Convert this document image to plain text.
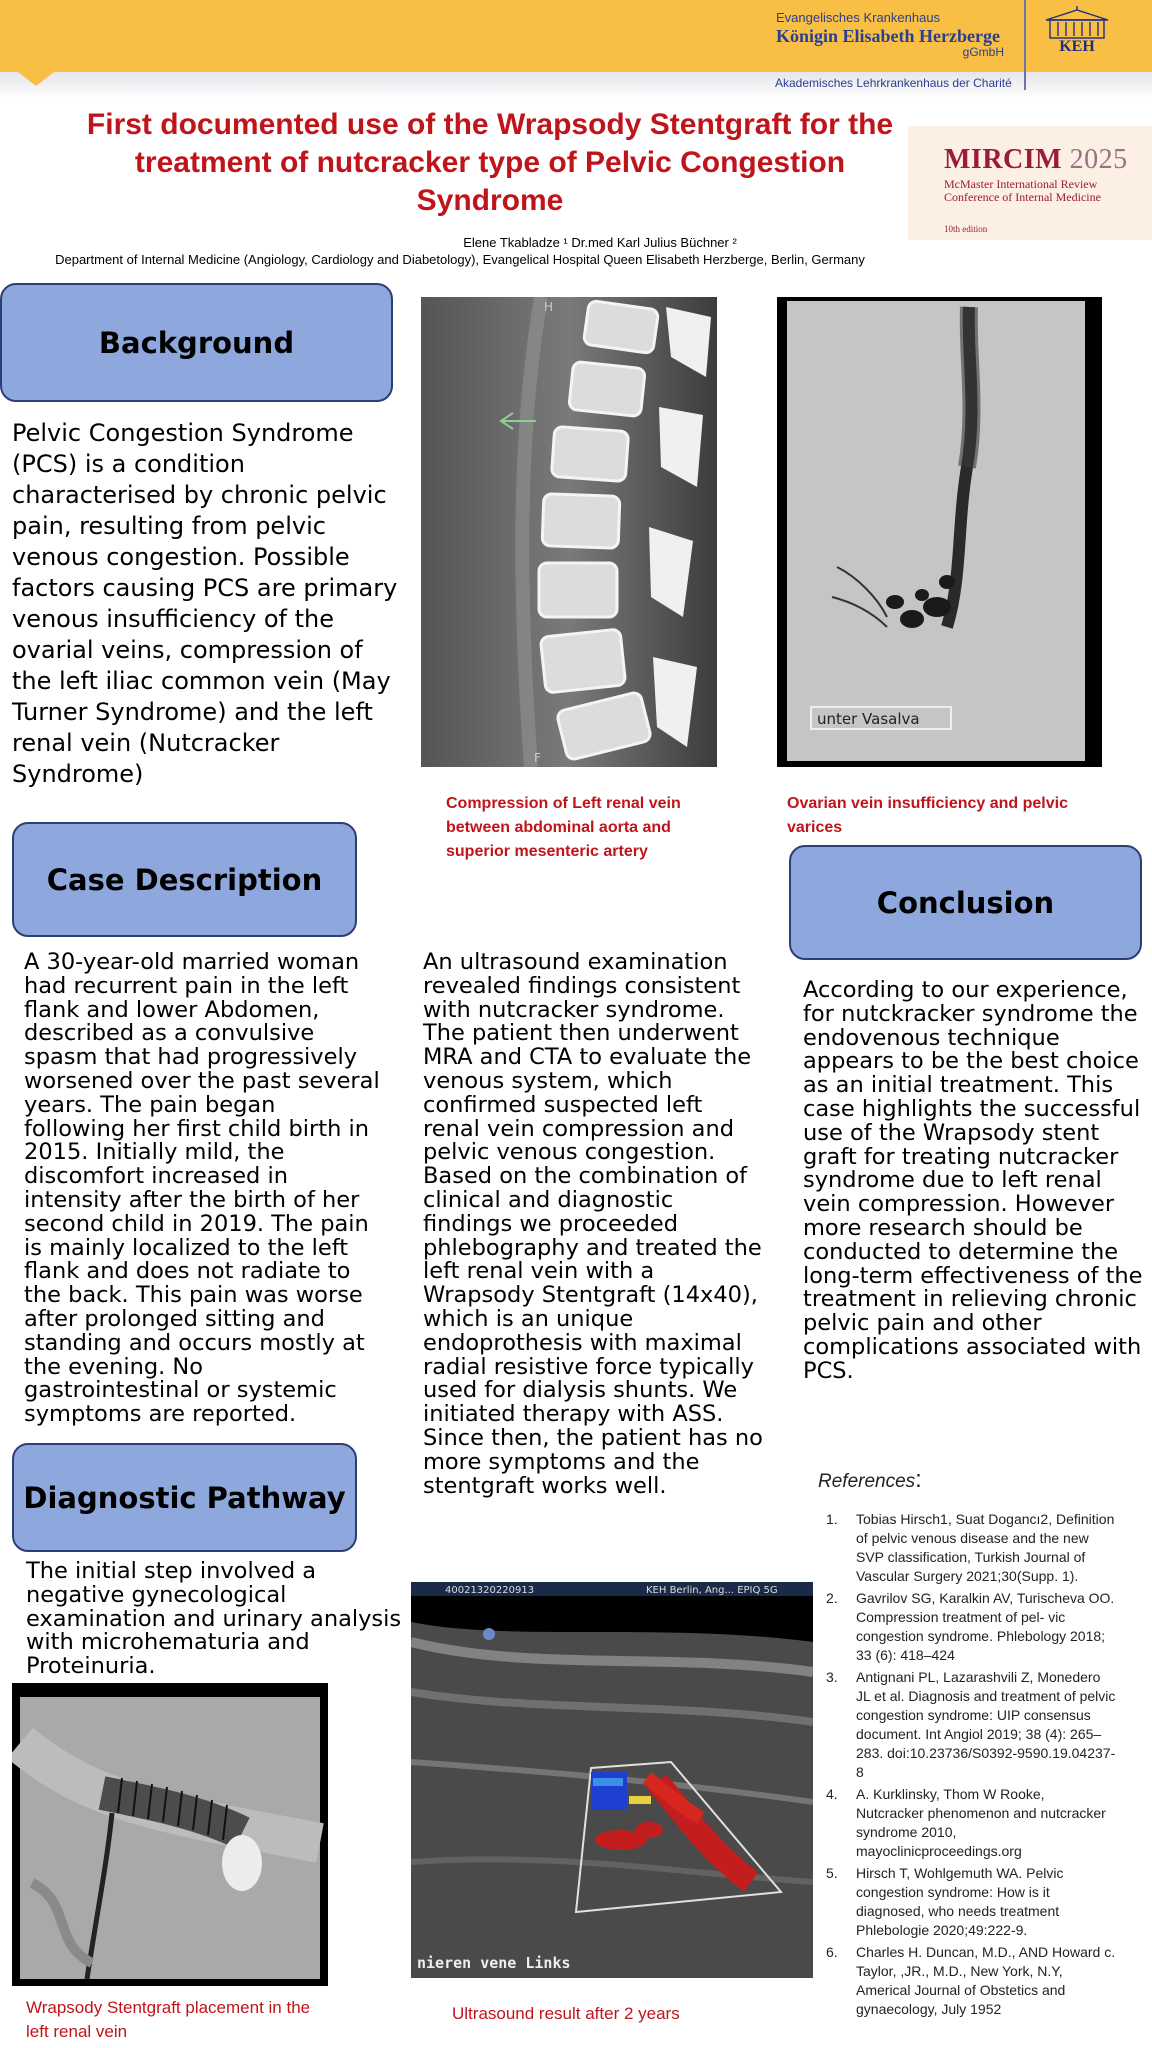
Evangelisches Krankenhaus
Königin Elisabeth Herzberge
gGmbH	KEH
Akademisches Lehrkrankenhaus der Charité
First documented use of the Wrapsody Stentgraft for the treatment of nutcracker type of Pelvic Congestion Syndrome
Elene Tkabladze ¹ Dr.med Karl Julius Büchner ²
Department of Internal Medicine (Angiology, Cardiology and Diabetology), Evangelical Hospital Queen Elisabeth Herzberge, Berlin, Germany
MIRCIM 2025
McMaster International Review Conference of Internal Medicine
10th edition
Background
Pelvic Congestion Syndrome (PCS) is a condition characterised by chronic pelvic pain, resulting from pelvic venous congestion. Possible factors causing PCS are primary venous insufficiency of the ovarial veins, compression of the left iliac common vein (May Turner Syndrome) and the left renal vein (Nutcracker Syndrome)
H
F
Compression of Left renal vein between abdominal aorta and superior mesenteric artery
unter Vasalva
Ovarian vein insufficiency and pelvic varices
Case Description
A 30-year-old married woman had recurrent pain in the left flank and lower Abdomen, described as a convulsive spasm that had progressively worsened over the past several years. The pain began following her first child birth in 2015. Initially mild, the discomfort increased in intensity after the birth of her second child in 2019. The pain is mainly localized to the left flank and does not radiate to the back. This pain was worse after prolonged sitting and standing and occurs mostly at the evening. No gastrointestinal or systemic symptoms are reported.
An ultrasound examination revealed findings consistent with nutcracker syndrome. The patient then underwent MRA and CTA to evaluate the venous system, which confirmed suspected left renal vein compression and pelvic venous congestion. Based on the combination of clinical and diagnostic findings we proceeded phlebography and treated the left renal vein with a Wrapsody Stentgraft (14x40), which is an unique endoprothesis with maximal radial resistive force typically used for dialysis shunts. We initiated therapy with ASS. Since then, the patient has no more symptoms and the stentgraft works well.
Conclusion
According to our experience, for nutckracker syndrome the endovenous technique appears to be the best choice as an initial treatment. This case highlights the successful use of the Wrapsody stent graft for treating nutcracker syndrome due to left renal vein compression. However more research should be conducted to determine the long-term effectiveness of the treatment in relieving chronic pelvic pain and other complications associated with PCS.
Diagnostic Pathway
The initial step involved a negative gynecological examination and urinary analysis with microhematuria and Proteinuria.
Wrapsody Stentgraft placement in the left renal vein
40021320220913	KEH Berlin, Ang... EPIQ 5G
nieren vene Links
Ultrasound result after 2 years
References:
1. Tobias Hirsch1, Suat Dogancı2, Definition of pelvic venous disease and the new SVP classification, Turkish Journal of Vascular Surgery 2021;30(Supp. 1).
2. Gavrilov SG, Karalkin AV, Turischeva OO. Compression treatment of pel- vic congestion syndrome. Phlebology 2018; 33 (6): 418–424
3. Antignani PL, Lazarashvili Z, Monedero JL et al. Diagnosis and treatment of pelvic congestion syndrome: UIP consensus document. Int Angiol 2019; 38 (4): 265–283. doi:10.23736/S0392-9590.19.04237-8
4. A. Kurklinsky, Thom W Rooke, Nutcracker phenomenon and nutcracker syndrome 2010, mayoclinicproceedings.org
5. Hirsch T, Wohlgemuth WA. Pelvic congestion syndrome: How is it diagnosed, who needs treatment Phlebologie 2020;49:222-9.
6. Charles H. Duncan, M.D., AND Howard c. Taylor, ,JR., M.D., New York, N.Y, Americal Journal of Obstetics and gynaecology, July 1952
